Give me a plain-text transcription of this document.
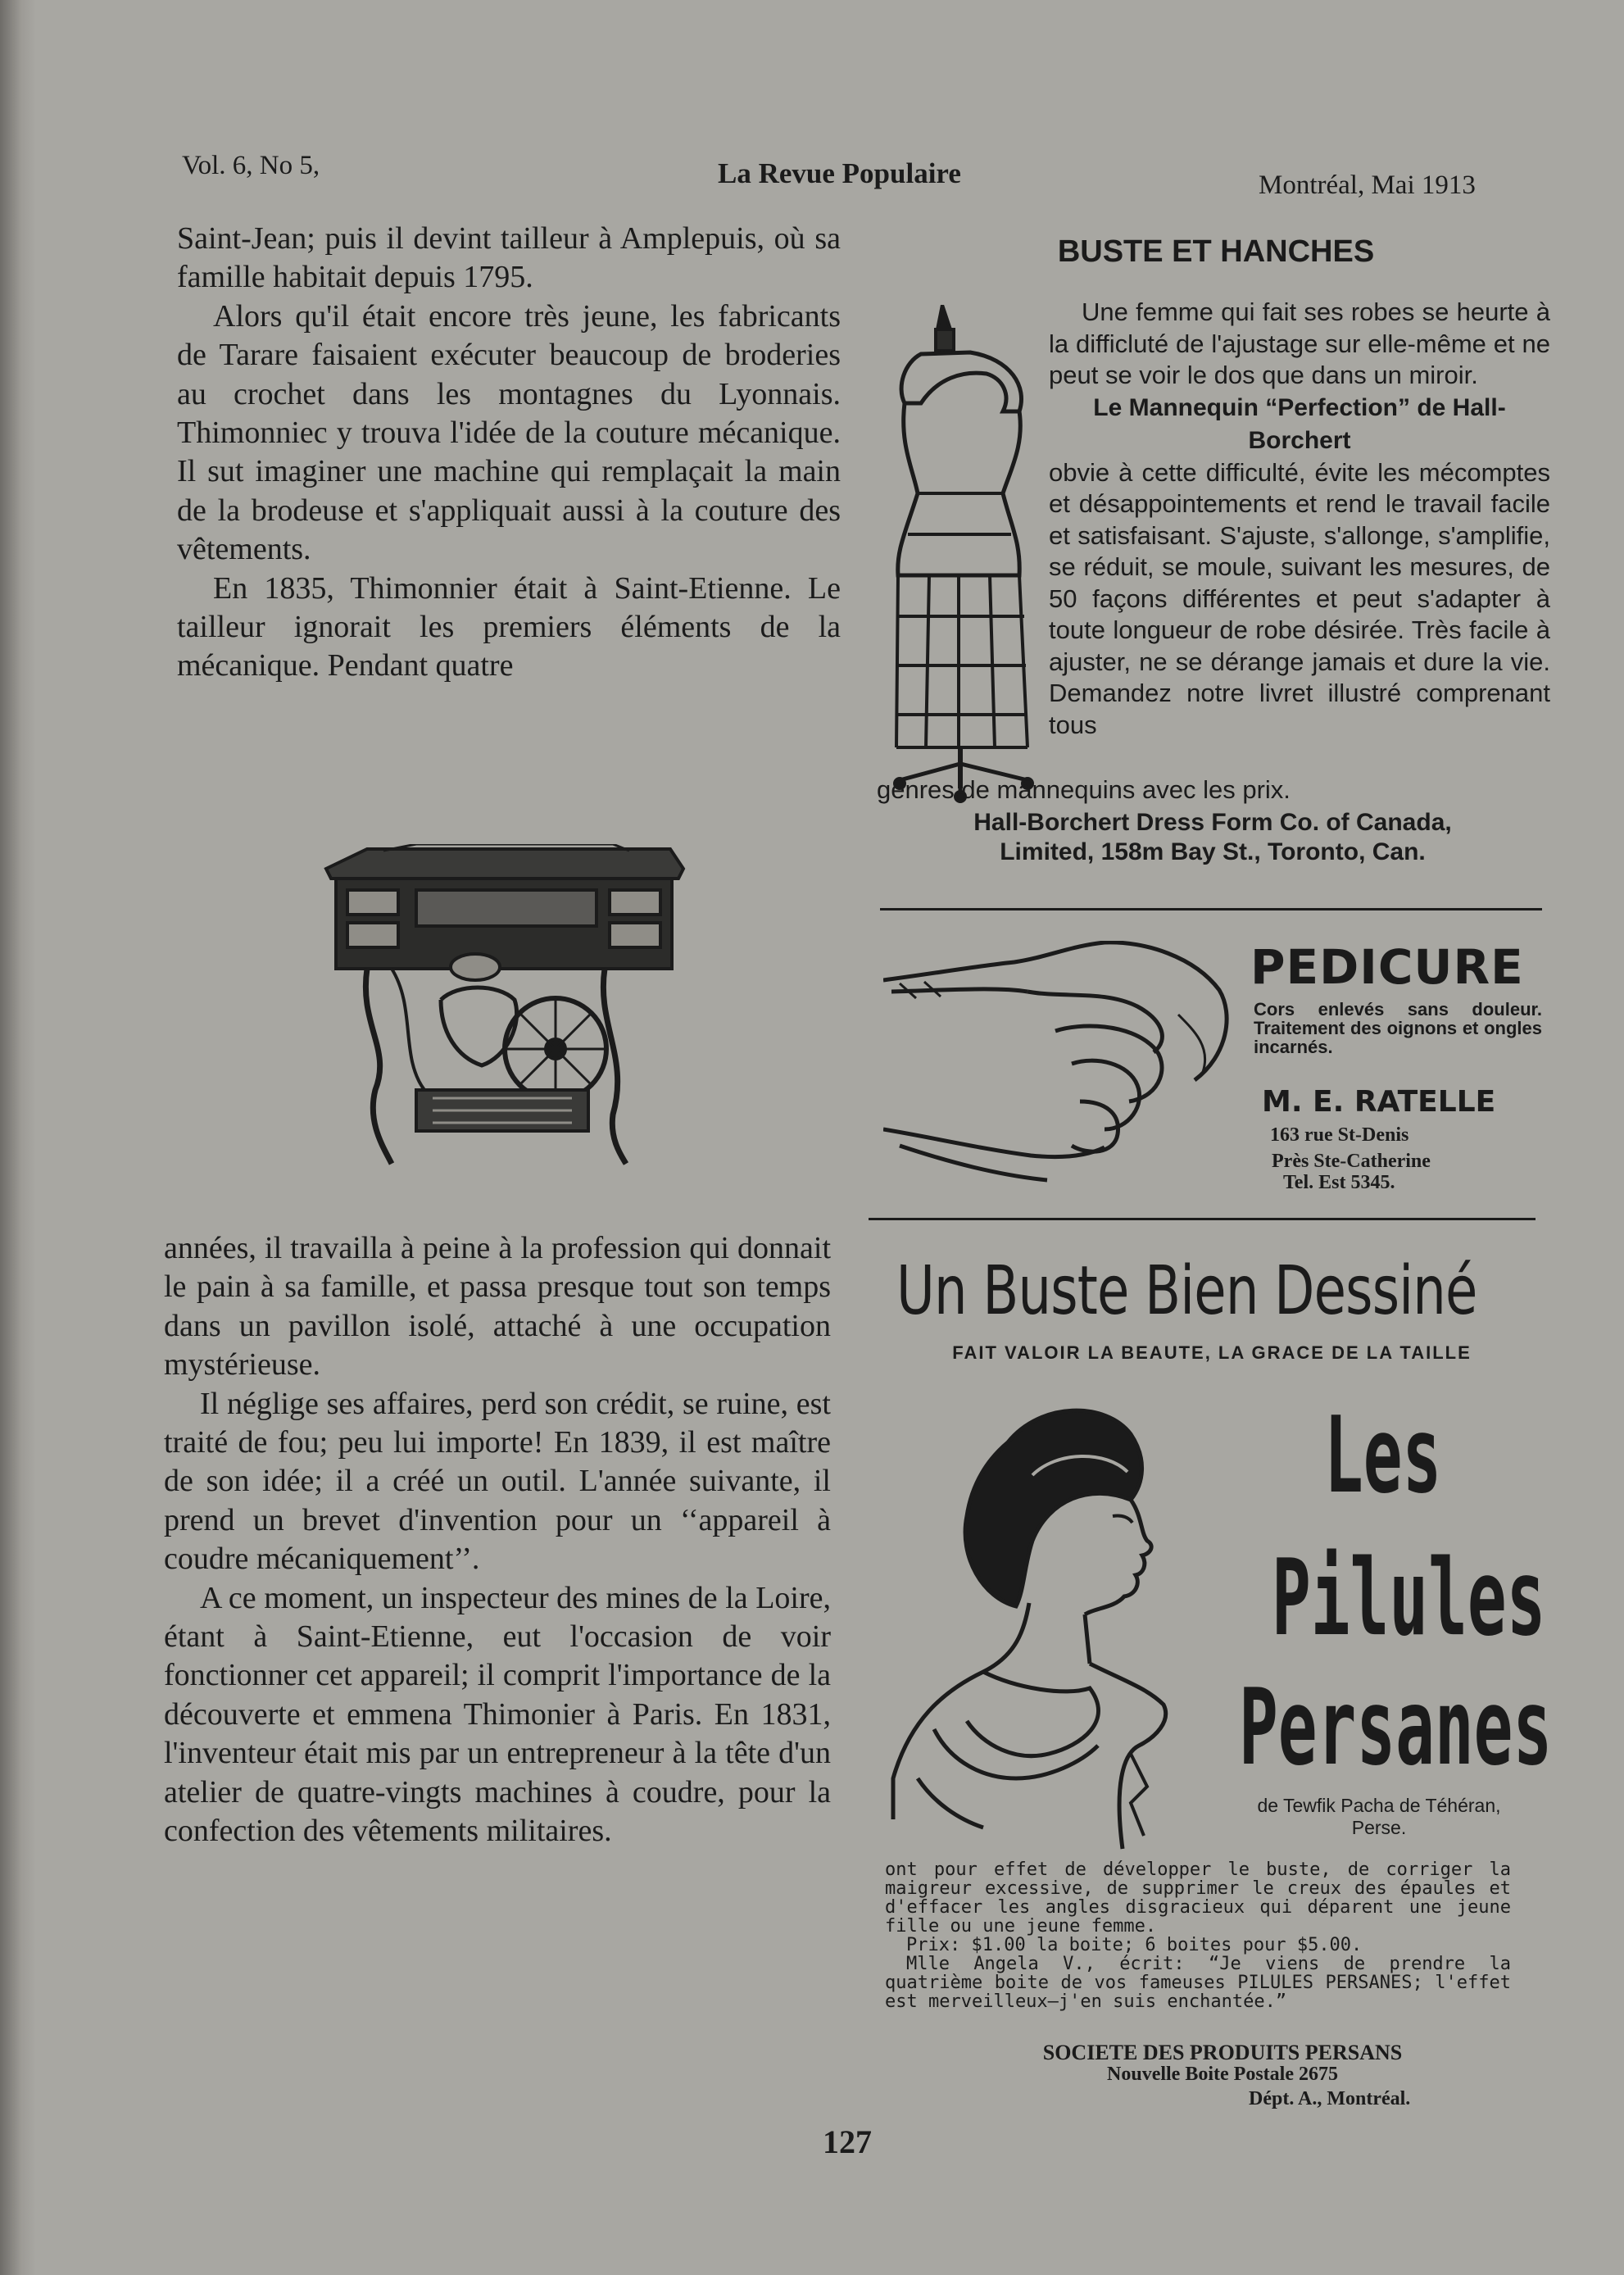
Vol. 6, No 5,	La Revue Populaire	Montréal, Mai 1913

Saint-Jean; puis il devint tailleur à Amplepuis, où sa famille habitait depuis 1795.

Alors qu'il était encore très jeune, les fabricants de Tarare faisaient exécuter beaucoup de broderies au crochet dans les montagnes du Lyonnais. Thimonniec y trouva l'idée de la couture mécanique. Il sut imaginer une machine qui remplaçait la main de la brodeuse et s'appliquait aussi à la couture des vêtements.

En 1835, Thimonnier était à Saint-Etienne. Le tailleur ignorait les premiers éléments de la mécanique. Pendant quatre

années, il travailla à peine à la profession qui donnait le pain à sa famille, et passa presque tout son temps dans un pavillon isolé, attaché à une occupation mystérieuse.

Il néglige ses affaires, perd son crédit, se ruine, est traité de fou; peu lui importe! En 1839, il est maître de son idée; il a créé un outil. L'année suivante, il prend un brevet d'invention pour un ‘‘appareil à coudre mécaniquement’’.

A ce moment, un inspecteur des mines de la Loire, étant à Saint-Etienne, eut l'occasion de voir fonctionner cet appareil; il comprit l'importance de la découverte et emmena Thimonier à Paris. En 1831, l'inventeur était mis par un entrepreneur à la tête d'un atelier de quatre-vingts machines à coudre, pour la confection des vêtements militaires.

BUSTE ET HANCHES

Une femme qui fait ses robes se heurte à la difficluté de l'ajustage sur elle-même et ne peut se voir le dos que dans un miroir.

Le Mannequin “Perfection” de Hall-Borchert

obvie à cette difficulté, évite les mécomptes et désappointements et rend le travail facile et satisfaisant. S'ajuste, s'allonge, s'amplifie, se réduit, se moule, suivant les mesures, de 50 façons différentes et peut s'adapter à toute longueur de robe désirée. Très facile à ajuster, ne se dérange jamais et dure la vie. Demandez notre livret illustré comprenant tous

genres de mannequins avec les prix.

Hall-Borchert Dress Form Co. of Canada,
Limited, 158m Bay St., Toronto, Can.

PEDICURE
Cors enlevés sans douleur. Traitement des oignons et ongles incarnés.
M. E. RATELLE
163 rue St-Denis
Près Ste-Catherine
Tel. Est 5345.
Un Buste Bien Dessiné
FAIT VALOIR LA BEAUTE, LA GRACE DE LA TAILLE
Les
Pilules
Persanes
de Tewfik Pacha de Téhéran, Perse.

ont pour effet de développer le buste, de corriger la maigreur excessive, de supprimer le creux des épaules et d'effacer les angles disgracieux qui déparent une jeune fille ou une jeune femme.

Prix: $1.00 la boite; 6 boites pour $5.00.

Mlle Angela V., écrit: “Je viens de prendre la quatrième boite de vos fameuses PILULES PERSANES; l'effet est merveilleux—j'en suis enchantée.”

SOCIETE DES PRODUITS PERSANS
Nouvelle Boite Postale 2675
Dépt. A., Montréal.
127
